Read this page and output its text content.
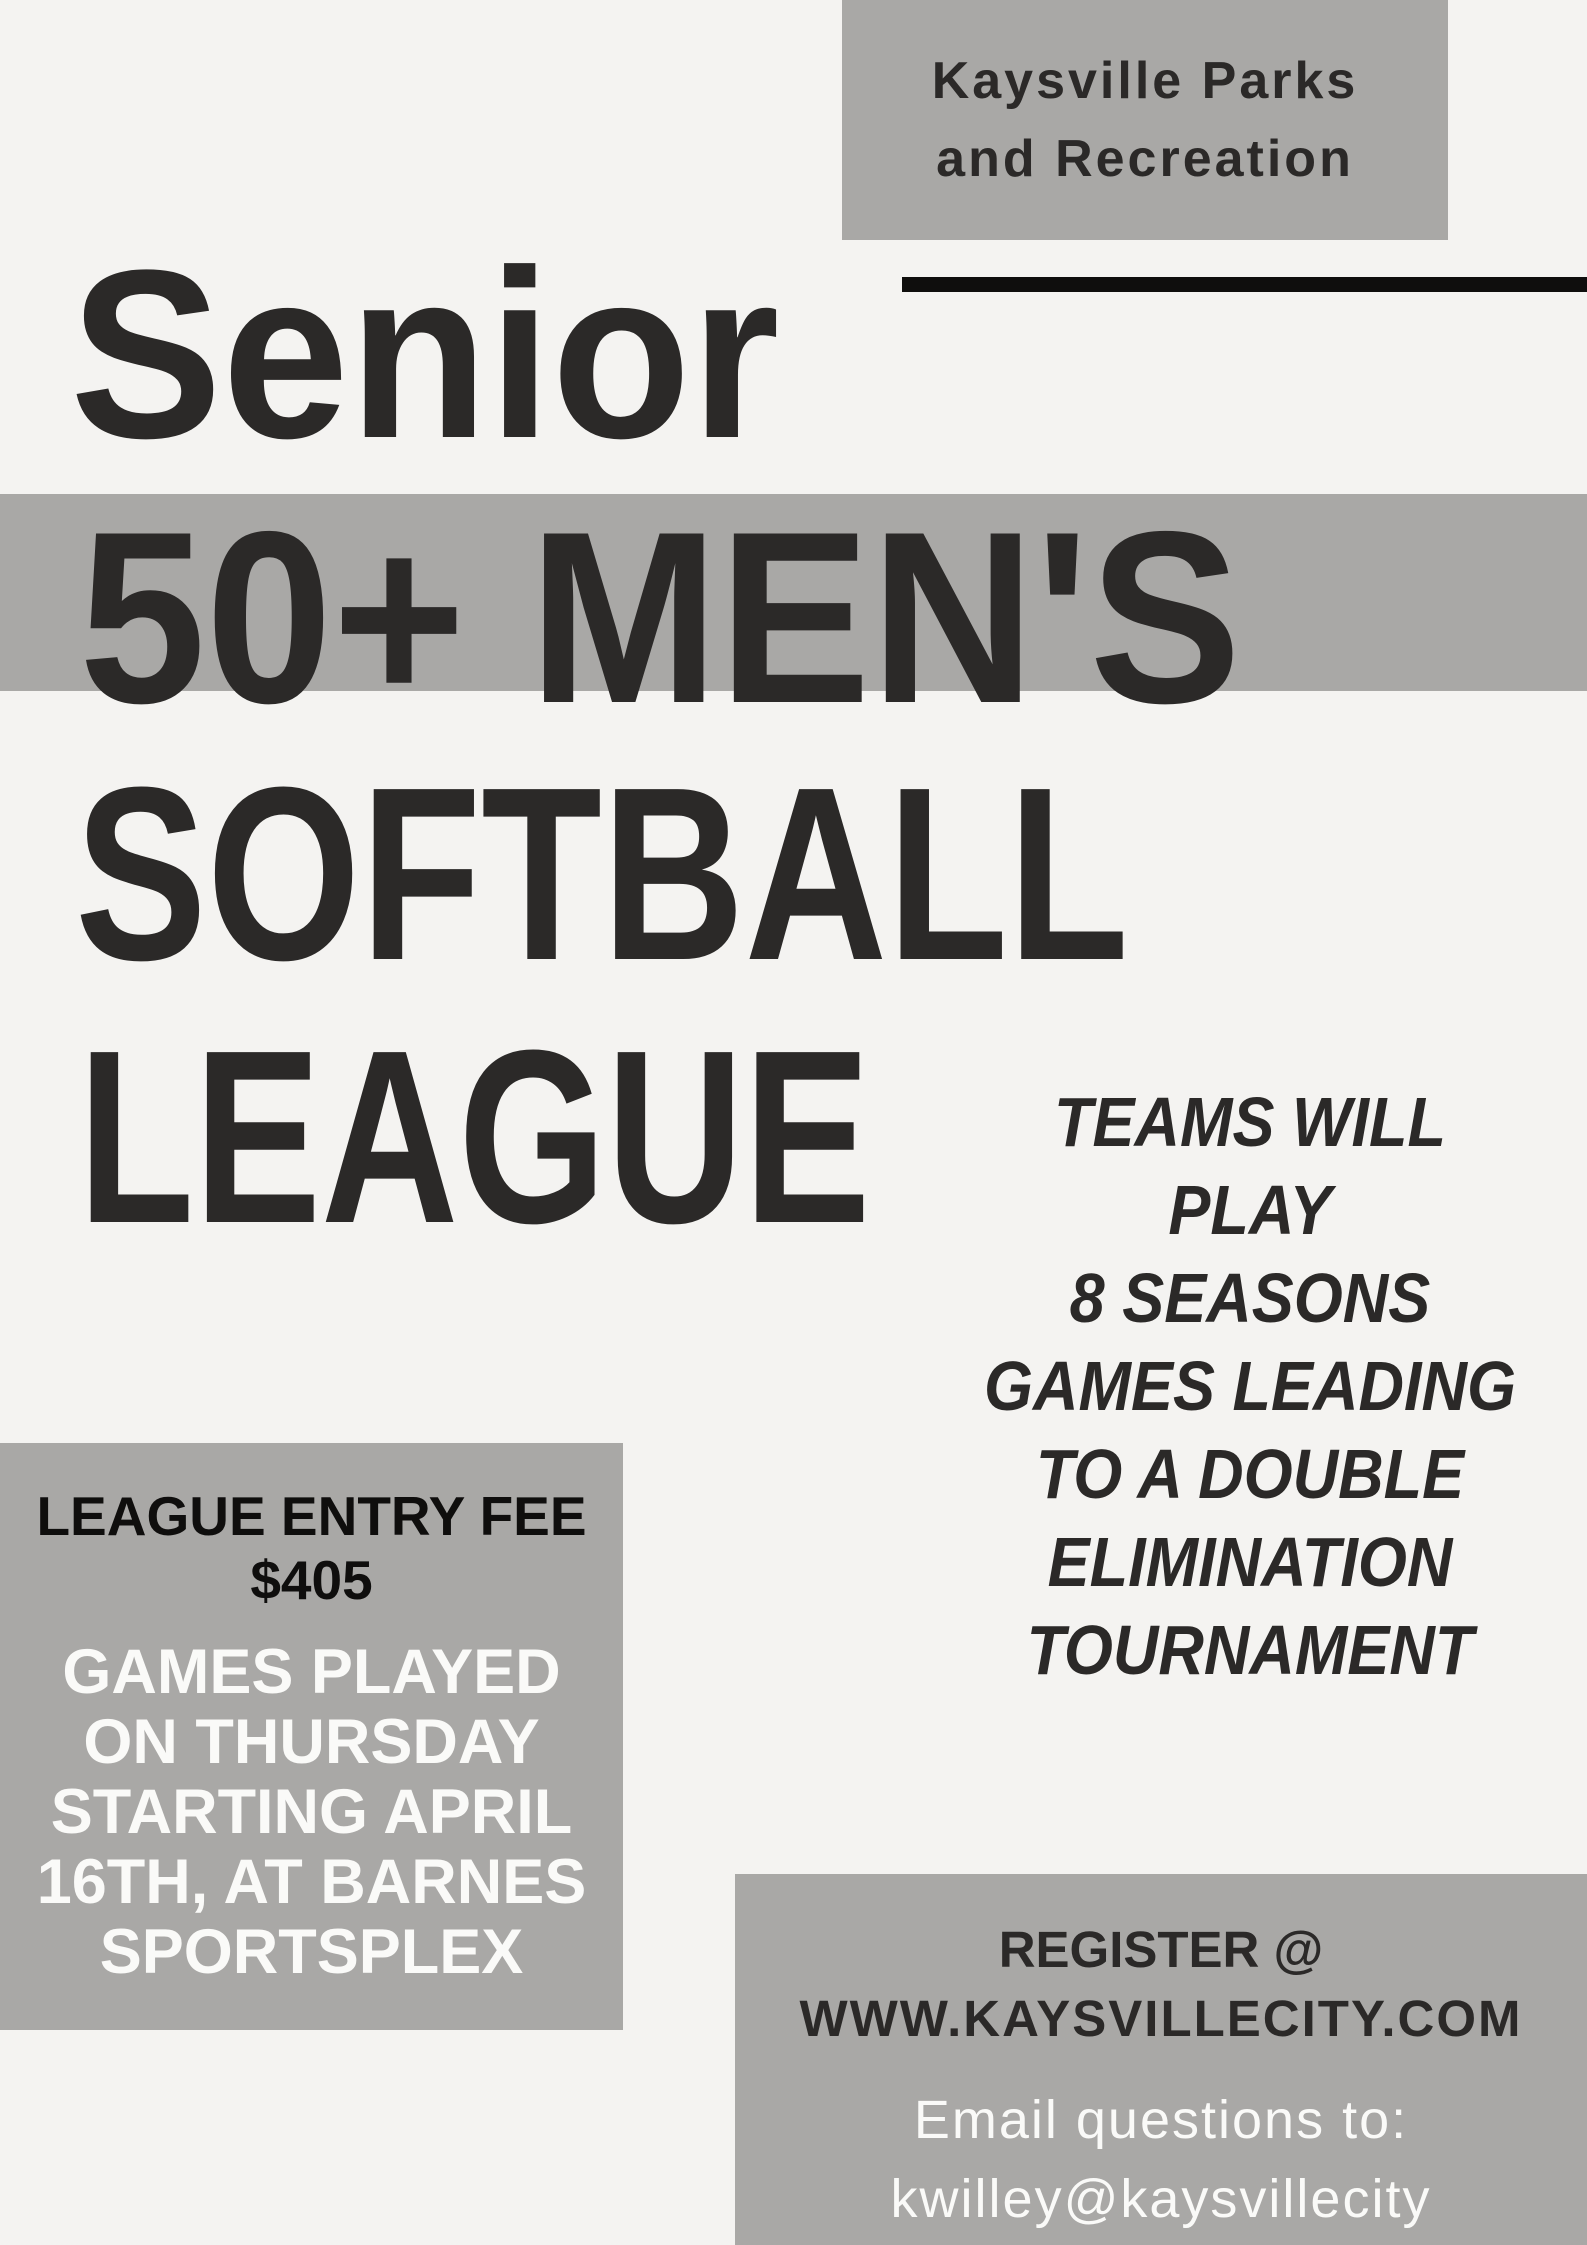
Kaysville Parks
and Recreation
Senior
50+ MEN'S
SOFTBALL
LEAGUE	TEAMS WILL
PLAY
8 SEASONS
GAMES LEADING
TO A DOUBLE
ELIMINATION
TOURNAMENT
LEAGUE ENTRY FEE
$405
GAMES PLAYED
ON THURSDAY
STARTING APRIL
16TH, AT BARNES
SPORTSPLEX	REGISTER @
WWW.KAYSVILLECITY.COM
Email questions to:
kwilley@kaysvillecity
